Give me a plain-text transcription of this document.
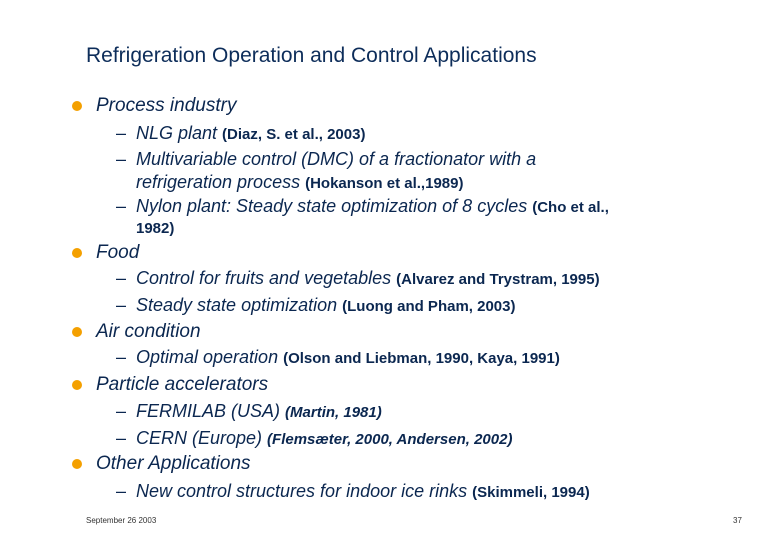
Refrigeration Operation and Control Applications
Process industry
– NLG plant (Diaz, S. et al., 2003)
– Multivariable control (DMC) of a fractionator with a
refrigeration process (Hokanson et al.,1989)
– Nylon plant: Steady state optimization of 8 cycles (Cho et al.,
1982)
Food
– Control for fruits and vegetables (Alvarez and Trystram, 1995)
– Steady state optimization (Luong and Pham, 2003)
Air condition
– Optimal operation (Olson and Liebman, 1990, Kaya, 1991)
Particle accelerators
– FERMILAB (USA) (Martin, 1981)
– CERN (Europe) (Flemsæter, 2000, Andersen, 2002)
Other Applications
– New control structures for indoor ice rinks (Skimmeli, 1994)
September 26 2003	37
